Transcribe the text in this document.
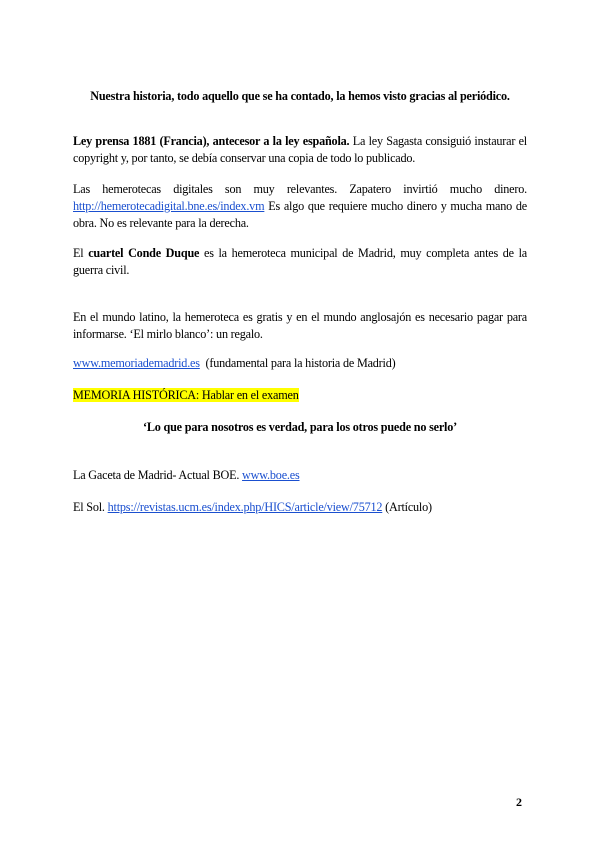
Nuestra historia, todo aquello que se ha contado, la hemos visto gracias al periódico.
Ley prensa 1881 (Francia), antecesor a la ley española. La ley Sagasta consiguió instaurar el copyright y, por tanto, se debía conservar una copia de todo lo publicado.
Las hemerotecas digitales son muy relevantes. Zapatero invirtió mucho dinero. http://hemerotecadigital.bne.es/index.vm Es algo que requiere mucho dinero y mucha mano de obra. No es relevante para la derecha.
El cuartel Conde Duque es la hemeroteca municipal de Madrid, muy completa antes de la guerra civil.
En el mundo latino, la hemeroteca es gratis y en el mundo anglosajón es necesario pagar para informarse. ‘El mirlo blanco’: un regalo.
www.memoriademadrid.es  (fundamental para la historia de Madrid)
MEMORIA HISTÓRICA: Hablar en el examen
‘Lo que para nosotros es verdad, para los otros puede no serlo’
La Gaceta de Madrid- Actual BOE. www.boe.es
El Sol. https://revistas.ucm.es/index.php/HICS/article/view/75712 (Artículo)
2
